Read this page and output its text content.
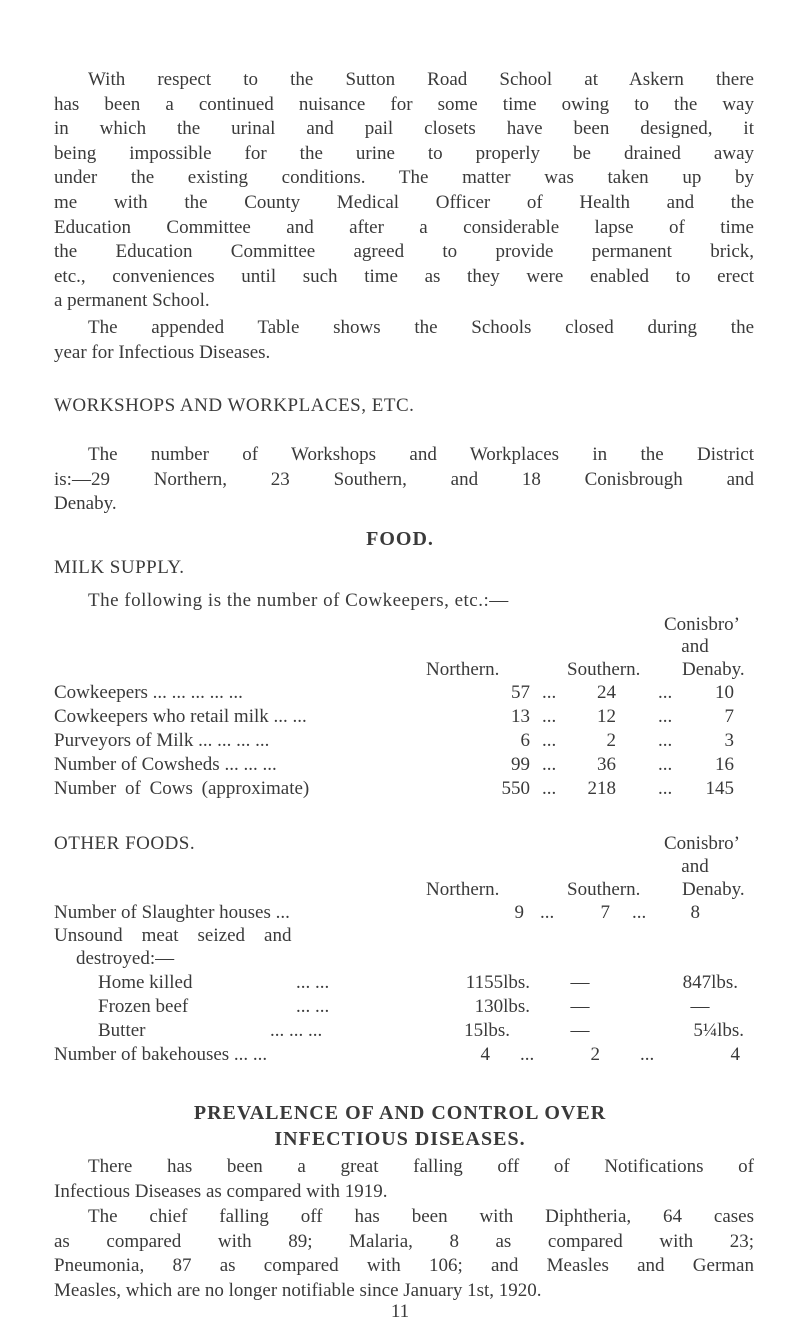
With respect to the Sutton Road School at Askern there
has been a continued nuisance for some time owing to the way
in which the urinal and pail closets have been designed, it
being impossible for the urine to properly be drained away
under the existing conditions. The matter was taken up by
me with the County Medical Officer of Health and the
Education Committee and after a considerable lapse of time
the Education Committee agreed to provide permanent brick,
etc., conveniences until such time as they were enabled to erect
a permanent School.
The appended Table shows the Schools closed during the
year for Infectious Diseases.
WORKSHOPS AND WORKPLACES, ETC.
The number of Workshops and Workplaces in the District
is:—29 Northern, 23 Southern, and 18 Conisbrough and
Denaby.
FOOD.
MILK SUPPLY.
The following is the number of Cowkeepers, etc.:—
Conisbro’
and
Northern.	Southern. Denaby.
Cowkeepers ... ... ... ... ...	57 ...	24 ...	10
Cowkeepers who retail milk ... ...	13 ...	12 ...	7
Purveyors of Milk ... ... ... ...	6 ...	2 ...	3
Number of Cowsheds ... ... ...	99 ...	36 ...	16
Number of Cows (approximate)	550 ...	218 ...	145
OTHER FOODS.	Conisbro’
and
Northern.	Southern. Denaby.
Number of Slaughter houses ...	9 ...	7 ...	8
Unsound    meat    seized    and
destroyed:—
Home killed	... ...	1155lbs.	—	847lbs.
Frozen beef	... ...	130lbs.	—	—
Butter	... ... ...	15lbs.	—	5¼lbs.
Number of bakehouses ... ...	4 ...	2 ...	4
PREVALENCE OF AND CONTROL OVER
INFECTIOUS DISEASES.
There has been a great falling off of Notifications of
Infectious Diseases as compared with 1919.
The chief falling off has been with Diphtheria, 64 cases
as compared with 89; Malaria, 8 as compared with 23;
Pneumonia, 87 as compared with 106; and Measles and German
Measles, which are no longer notifiable since January 1st, 1920.
11
